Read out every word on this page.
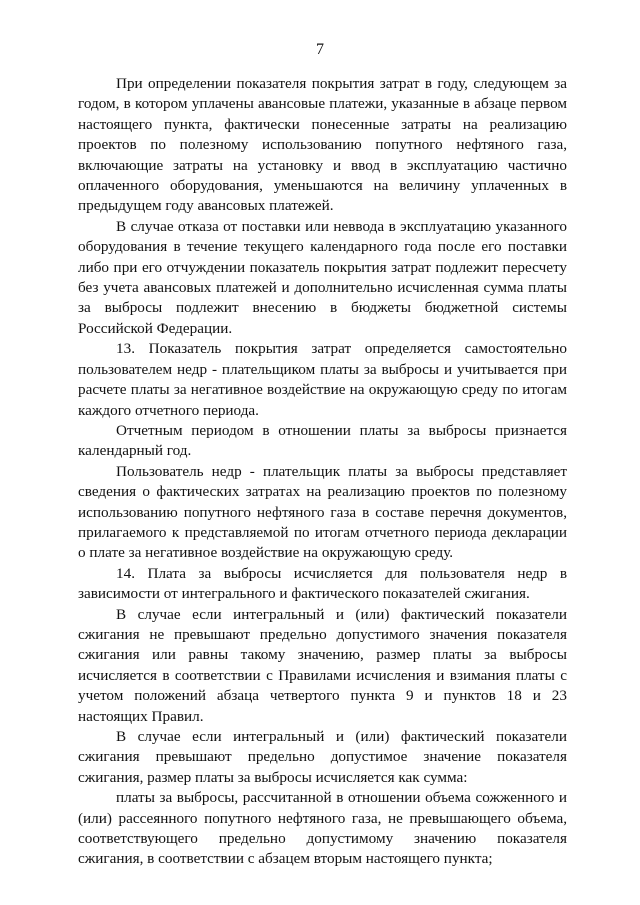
7

При определении показателя покрытия затрат в году, следующем за годом, в котором уплачены авансовые платежи, указанные в абзаце первом настоящего пункта, фактически понесенные затраты на реализацию проектов по полезному использованию попутного нефтяного газа, включающие затраты на установку и ввод в эксплуатацию частично оплаченного оборудования, уменьшаются на величину уплаченных в предыдущем году авансовых платежей.

В случае отказа от поставки или неввода в эксплуатацию указанного оборудования в течение текущего календарного года после его поставки либо при его отчуждении показатель покрытия затрат подлежит пересчету без учета авансовых платежей и дополнительно исчисленная сумма платы за выбросы подлежит внесению в бюджеты бюджетной системы Российской Федерации.

13. Показатель покрытия затрат определяется самостоятельно пользователем недр - плательщиком платы за выбросы и учитывается при расчете платы за негативное воздействие на окружающую среду по итогам каждого отчетного периода.

Отчетным периодом в отношении платы за выбросы признается календарный год.

Пользователь недр - плательщик платы за выбросы представляет сведения о фактических затратах на реализацию проектов по полезному использованию попутного нефтяного газа в составе перечня документов, прилагаемого к представляемой по итогам отчетного периода декларации о плате за негативное воздействие на окружающую среду.

14. Плата за выбросы исчисляется для пользователя недр в зависимости от интегрального и фактического показателей сжигания.

В случае если интегральный и (или) фактический показатели сжигания не превышают предельно допустимого значения показателя сжигания или равны такому значению, размер платы за выбросы исчисляется в соответствии с Правилами исчисления и взимания платы с учетом положений абзаца четвертого пункта 9 и пунктов 18 и 23 настоящих Правил.

В случае если интегральный и (или) фактический показатели сжигания превышают предельно допустимое значение показателя сжигания, размер платы за выбросы исчисляется как сумма:

платы за выбросы, рассчитанной в отношении объема сожженного и (или) рассеянного попутного нефтяного газа, не превышающего объема, соответствующего предельно допустимому значению показателя сжигания, в соответствии с абзацем вторым настоящего пункта;
